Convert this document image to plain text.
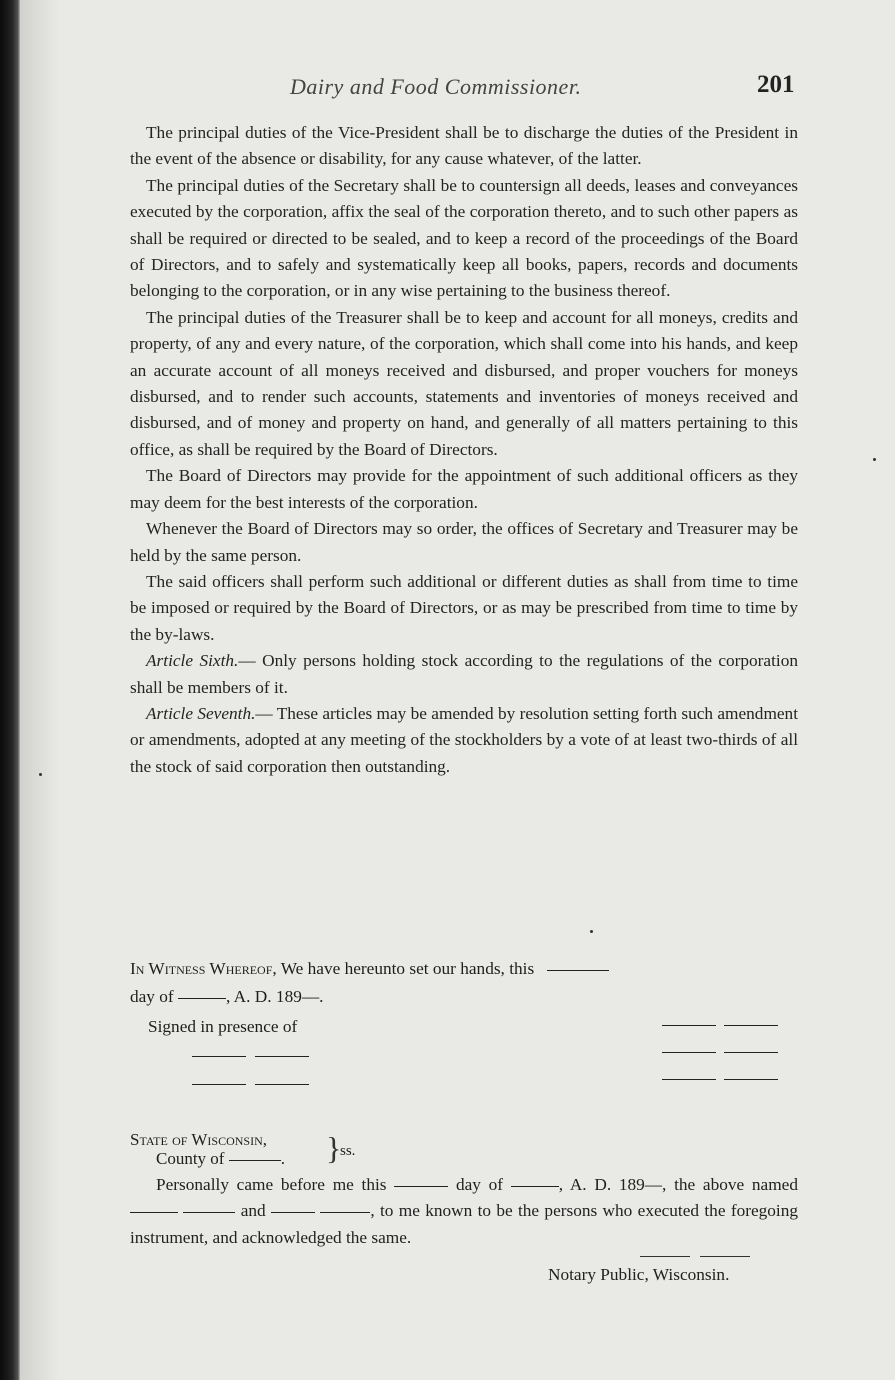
Dairy and Food Commissioner.	201

The principal duties of the Vice-President shall be to discharge the duties of the President in the event of the absence or disability, for any cause whatever, of the latter.

The principal duties of the Secretary shall be to countersign all deeds, leases and conveyances executed by the corporation, affix the seal of the corporation thereto, and to such other papers as shall be required or directed to be sealed, and to keep a record of the proceedings of the Board of Directors, and to safely and systematically keep all books, papers, records and documents belonging to the corporation, or in any wise pertaining to the business thereof.

The principal duties of the Treasurer shall be to keep and account for all moneys, credits and property, of any and every nature, of the corporation, which shall come into his hands, and keep an accurate account of all moneys received and disbursed, and proper vouchers for moneys disbursed, and to render such accounts, statements and inventories of moneys received and disbursed, and of money and property on hand, and generally of all matters pertaining to this office, as shall be required by the Board of Directors.

The Board of Directors may provide for the appointment of such additional officers as they may deem for the best interests of the corporation.

Whenever the Board of Directors may so order, the offices of Secretary and Treasurer may be held by the same person.

The said officers shall perform such additional or different duties as shall from time to time be imposed or required by the Board of Directors, or as may be prescribed from time to time by the by-laws.

Article Sixth.— Only persons holding stock according to the regulations of the corporation shall be members of it.

Article Seventh.— These articles may be amended by resolution setting forth such amendment or amendments, adopted at any meeting of the stockholders by a vote of at least two-thirds of all the stock of said corporation then outstanding.

In Witness Whereof, We have hereunto set our hands, this

day of	, A. D. 189—.

Signed in presence of
State of Wisconsin,
County of	. }
ss.

Personally came before me this	day of	, A. D. 189—, the above named   and	, to me known to be the persons who executed the foregoing instrument, and acknowledged the same.

Notary Public, Wisconsin.
